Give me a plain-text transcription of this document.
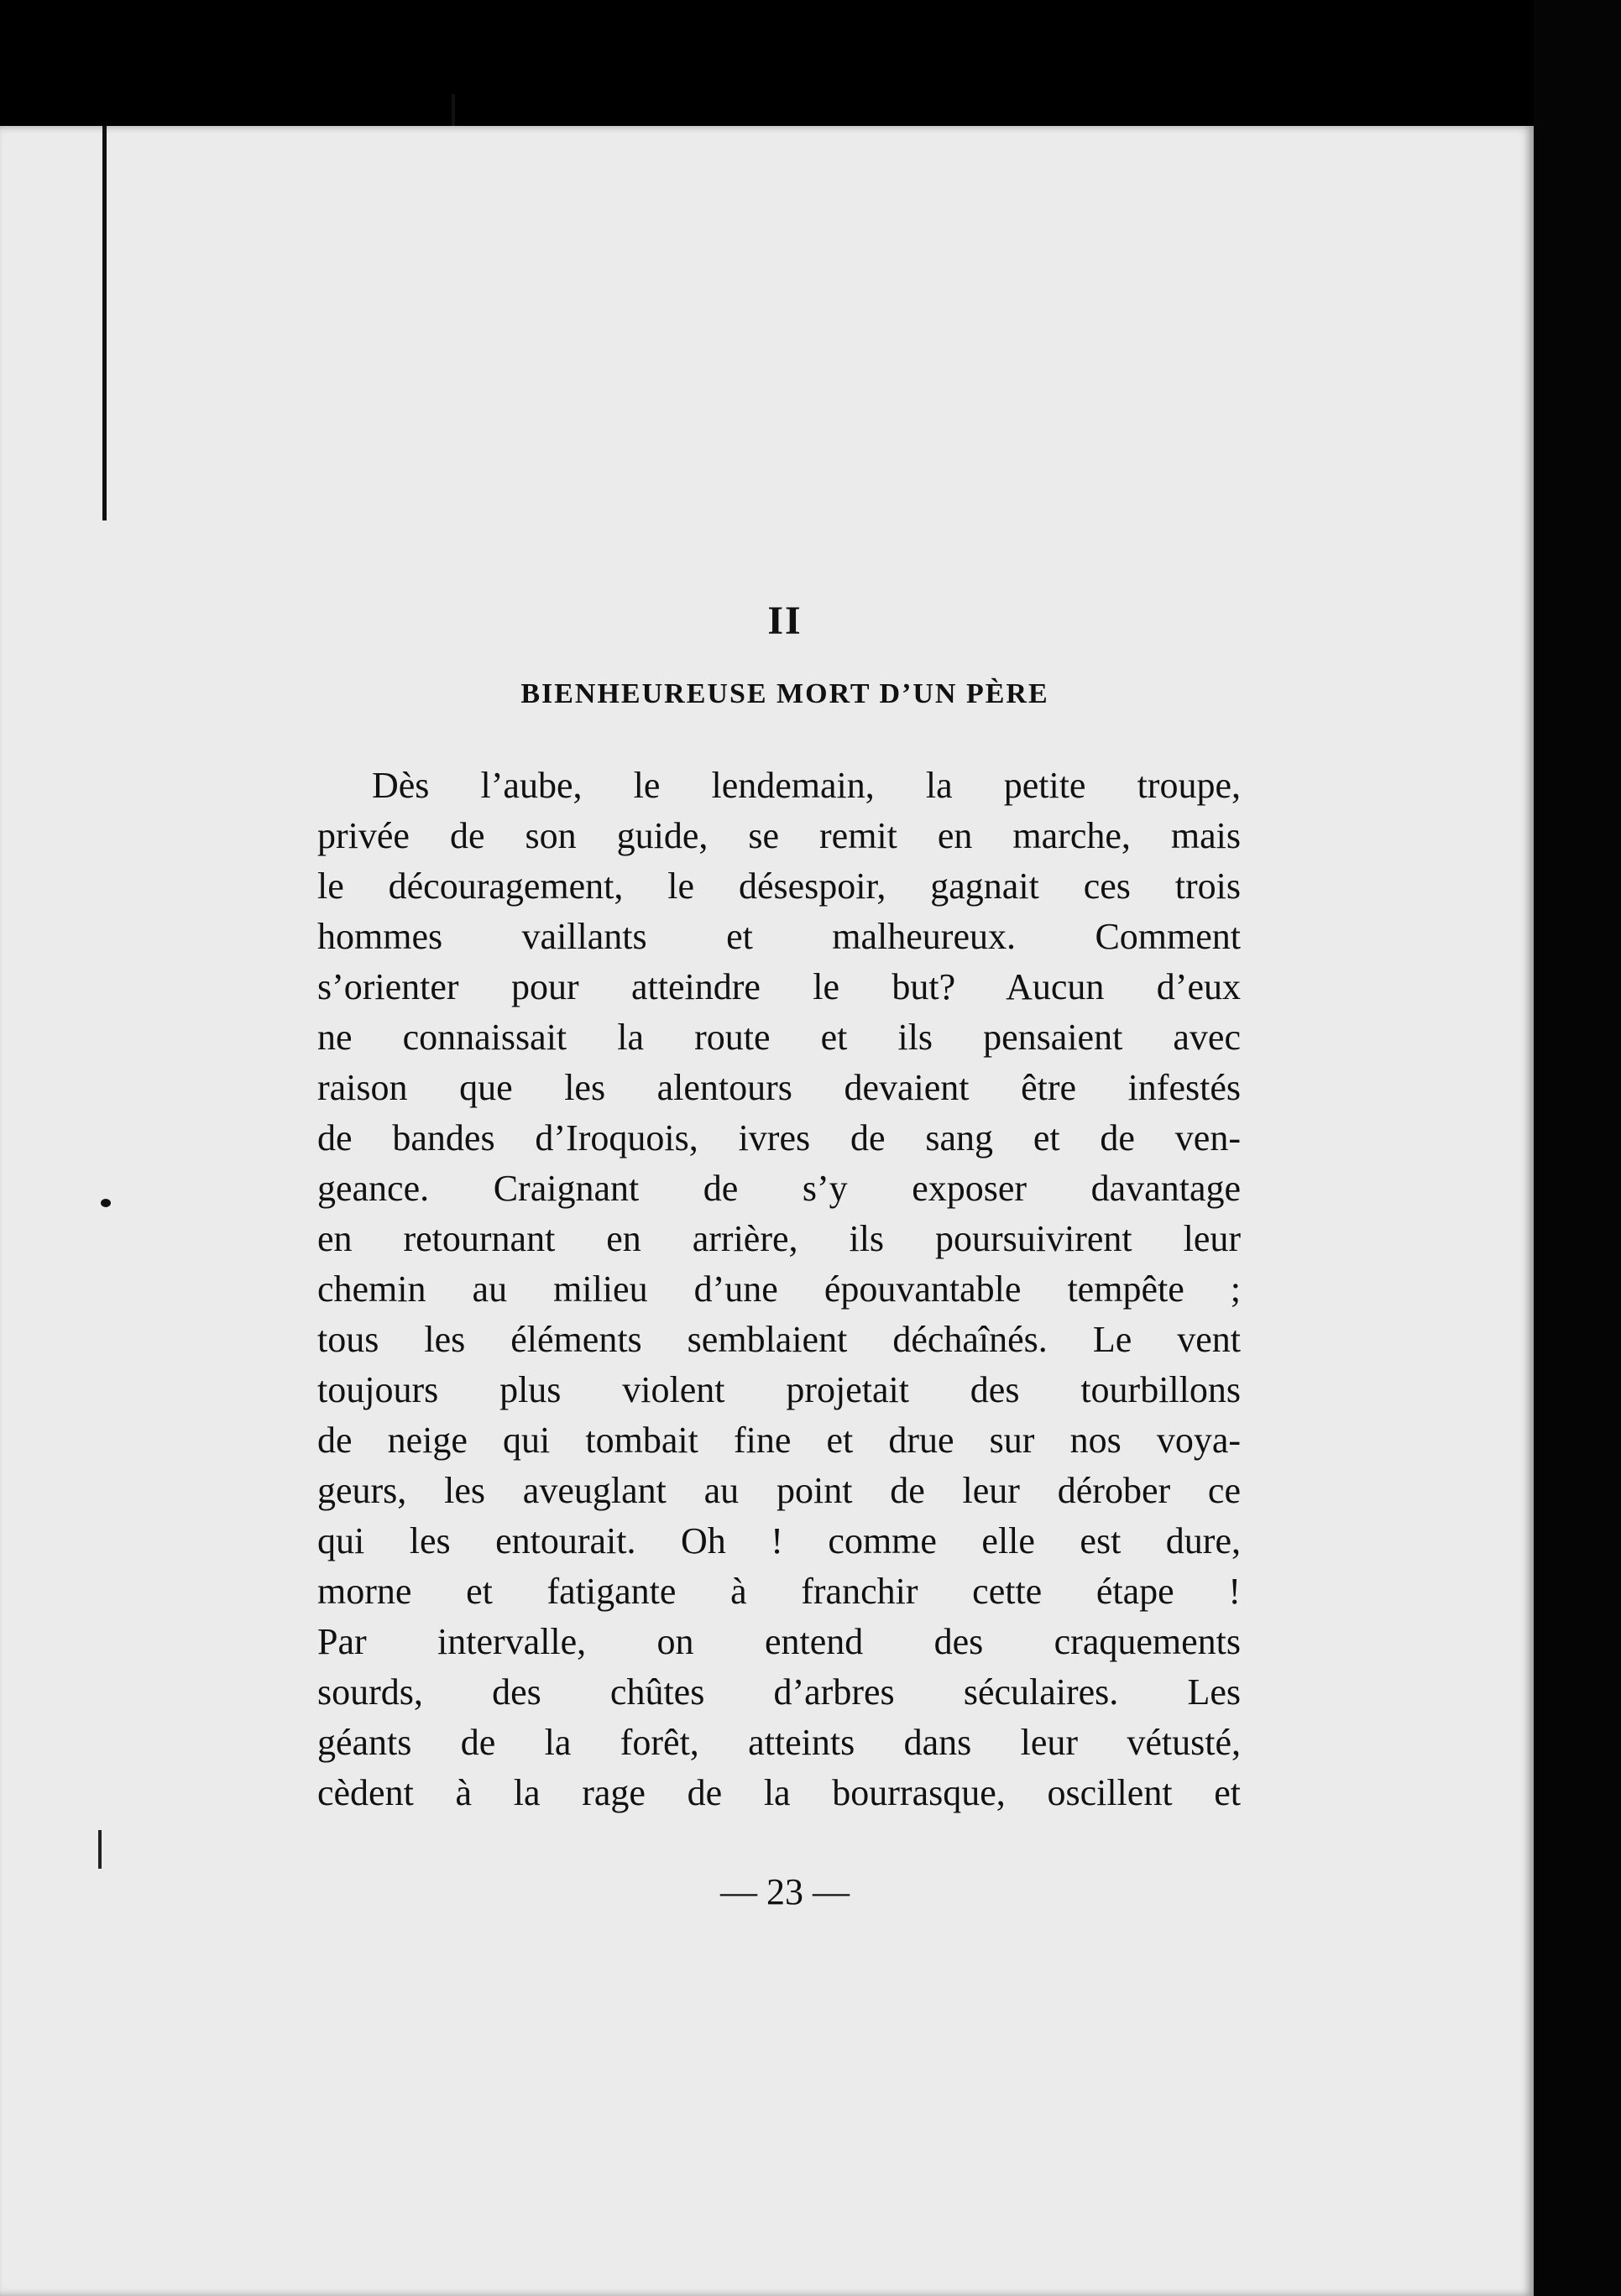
II
BIENHEUREUSE MORT D’UN PÈRE
Dès l’aube, le lendemain, la petite troupe,
privée de son guide, se remit en marche, mais
le découragement, le désespoir, gagnait ces trois
hommes vaillants et malheureux. Comment
s’orienter pour atteindre le but? Aucun d’eux
ne connaissait la route et ils pensaient avec
raison que les alentours devaient être infestés
de bandes d’Iroquois, ivres de sang et de ven-
geance. Craignant de s’y exposer davantage
en retournant en arrière, ils poursuivirent leur
chemin au milieu d’une épouvantable tempête ;
tous les éléments semblaient déchaînés. Le vent
toujours plus violent projetait des tourbillons
de neige qui tombait fine et drue sur nos voya-
geurs, les aveuglant au point de leur dérober ce
qui les entourait. Oh ! comme elle est dure,
morne et fatigante à franchir cette étape !
Par intervalle, on entend des craquements
sourds, des chûtes d’arbres séculaires. Les
géants de la forêt, atteints dans leur vétusté,
cèdent à la rage de la bourrasque, oscillent et
— 23 —
